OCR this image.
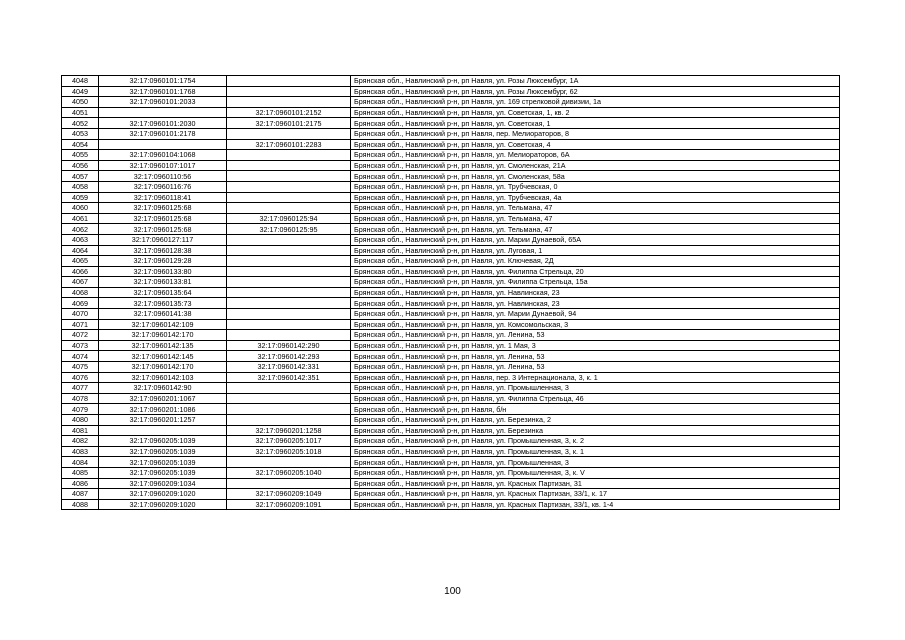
4048	32:17:0960101:1754		Брянская обл., Навлинский р-н, рп Навля, ул. Розы Люксембург, 1А
4049	32:17:0960101:1768		Брянская обл., Навлинский р-н, рп Навля, ул. Розы Люксембург, 62
4050	32:17:0960101:2033		Брянская обл., Навлинский р-н, рп Навля, ул. 169 стрелковой дивизии, 1а
4051		32:17:0960101:2152	Брянская обл., Навлинский р-н, рп Навля, ул. Советская, 1, кв. 2
4052	32:17:0960101:2030	32:17:0960101:2175	Брянская обл., Навлинский р-н, рп Навля, ул. Советская, 1
4053	32:17:0960101:2178		Брянская обл., Навлинский р-н, рп Навля, пер. Мелиораторов, 8
4054		32:17:0960101:2283	Брянская обл., Навлинский р-н, рп Навля, ул. Советская, 4
4055	32:17:0960104:1068		Брянская обл., Навлинский р-н, рп Навля, ул. Мелиораторов, 6А
4056	32:17:0960107:1017		Брянская обл., Навлинский р-н, рп Навля, ул. Смоленская, 21А
4057	32:17:0960110:56		Брянская обл., Навлинский р-н, рп Навля, ул. Смоленская, 58а
4058	32:17:0960116:76		Брянская обл., Навлинский р-н, рп Навля, ул. Трубчевская, 0
4059	32:17:0960118:41		Брянская обл., Навлинский р-н, рп Навля, ул. Трубчевская, 4а
4060	32:17:0960125:68		Брянская обл., Навлинский р-н, рп Навля, ул. Тельмана, 47
4061	32:17:0960125:68	32:17:0960125:94	Брянская обл., Навлинский р-н, рп Навля, ул. Тельмана, 47
4062	32:17:0960125:68	32:17:0960125:95	Брянская обл., Навлинский р-н, рп Навля, ул. Тельмана, 47
4063	32:17:0960127:117		Брянская обл., Навлинский р-н, рп Навля, ул. Марии Дунаевой, 65А
4064	32:17:0960128:38		Брянская обл., Навлинский р-н, рп Навля, ул. Луговая, 1
4065	32:17:0960129:28		Брянская обл., Навлинский р-н, рп Навля, ул. Ключевая, 2Д
4066	32:17:0960133:80		Брянская обл., Навлинский р-н, рп Навля, ул. Филиппа Стрельца, 20
4067	32:17:0960133:81		Брянская обл., Навлинский р-н, рп Навля, ул. Филиппа Стрельца, 15а
4068	32:17:0960135:64		Брянская обл., Навлинский р-н, рп Навля, ул. Навлинская, 23
4069	32:17:0960135:73		Брянская обл., Навлинский р-н, рп Навля, ул. Навлинская, 23
4070	32:17:0960141:38		Брянская обл., Навлинский р-н, рп Навля, ул. Марии Дунаевой, 94
4071	32:17:0960142:109		Брянская обл., Навлинский р-н, рп Навля, ул. Комсомольская, 3
4072	32:17:0960142:170		Брянская обл., Навлинский р-н, рп Навля, ул. Ленина, 53
4073	32:17:0960142:135	32:17:0960142:290	Брянская обл., Навлинский р-н, рп Навля, ул. 1 Мая, 3
4074	32:17:0960142:145	32:17:0960142:293	Брянская обл., Навлинский р-н, рп Навля, ул. Ленина, 53
4075	32:17:0960142:170	32:17:0960142:331	Брянская обл., Навлинский р-н, рп Навля, ул. Ленина, 53
4076	32:17:0960142:103	32:17:0960142:351	Брянская обл., Навлинский р-н, рп Навля, пер. 3 Интернационала, 3, к. 1
4077	32:17:0960142:90		Брянская обл., Навлинский р-н, рп Навля, ул. Промышленная, 3
4078	32:17:0960201:1067		Брянская обл., Навлинский р-н, рп Навля, ул. Филиппа Стрельца, 46
4079	32:17:0960201:1086		Брянская обл., Навлинский р-н, рп Навля, б/н
4080	32:17:0960201:1257		Брянская обл., Навлинский р-н, рп Навля, ул. Березинка, 2
4081		32:17:0960201:1258	Брянская обл., Навлинский р-н, рп Навля, ул. Березинка
4082	32:17:0960205:1039	32:17:0960205:1017	Брянская обл., Навлинский р-н, рп Навля, ул. Промышленная, 3, к. 2
4083	32:17:0960205:1039	32:17:0960205:1018	Брянская обл., Навлинский р-н, рп Навля, ул. Промышленная, 3, к. 1
4084	32:17:0960205:1039		Брянская обл., Навлинский р-н, рп Навля, ул. Промышленная, 3
4085	32:17:0960205:1039	32:17:0960205:1040	Брянская обл., Навлинский р-н, рп Навля, ул. Промышленная, 3, к. V
4086	32:17:0960209:1034		Брянская обл., Навлинский р-н, рп Навля, ул. Красных Партизан, 31
4087	32:17:0960209:1020	32:17:0960209:1049	Брянская обл., Навлинский р-н, рп Навля, ул. Красных Партизан, 33/1, к. 17
4088	32:17:0960209:1020	32:17:0960209:1091	Брянская обл., Навлинский р-н, рп Навля, ул. Красных Партизан, 33/1, кв. 1-4
100
